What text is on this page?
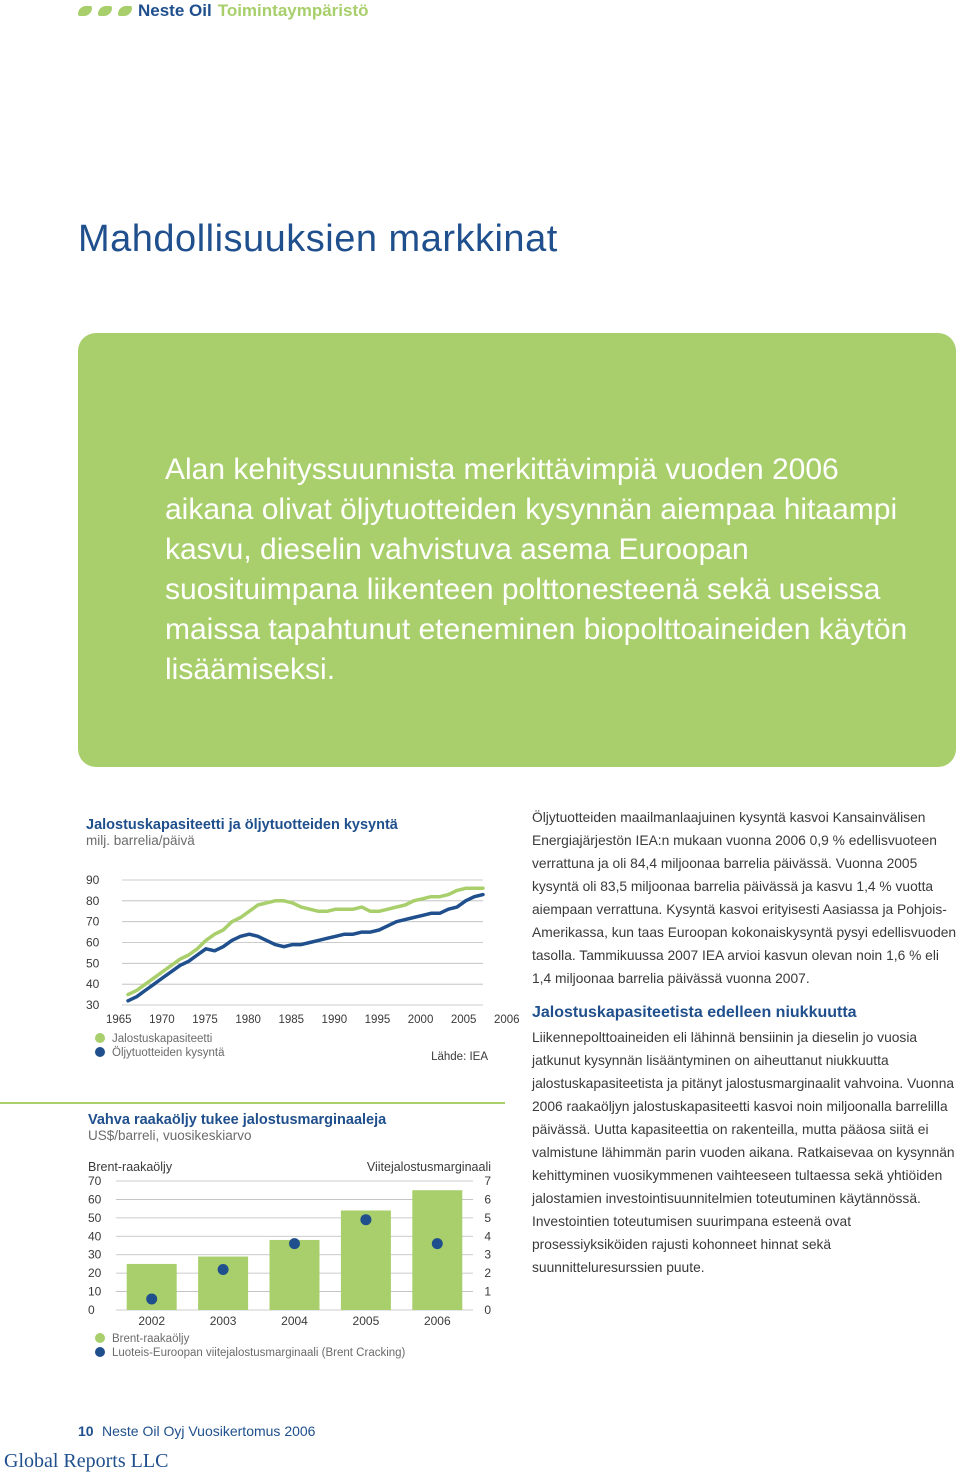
Neste Oil Toimintaympäristö
Mahdollisuuksien markkinat
Alan kehityssuunnista merkittävimpiä vuoden 2006 aikana olivat öljytuotteiden kysynnän aiempaa hitaampi kasvu, dieselin vahvistuva asema Euroopan suosituimpana liikenteen polttonesteenä sekä useissa maissa tapahtunut eteneminen biopolttoaineiden käytön lisäämiseksi.
Jalostuskapasiteetti ja öljytuotteiden kysyntä
milj. barrelia/päivä
30
40
50
60
70
80
90
1965 1970 1975 1980 1985 1990 1995 2000 2005 2006
Jalostuskapasiteetti
Öljytuotteiden kysyntä	Lähde: IEA
Vahva raakaöljy tukee jalostusmarginaaleja
US$/barreli, vuosikeskiarvo
Brent-raakaöljy	Viitejalostusmarginaali
0	0
10	1
20	2
30	3
40	4
50	5
60	6
70	7
2002	2003	2004	2005	2006
Brent-raakaöljy
Luoteis-Euroopan viitejalostusmarginaali (Brent Cracking)
Öljytuotteiden maailmanlaajuinen kysyntä kasvoi Kansainvälisen Energiajärjestön IEA:n mukaan vuonna 2006 0,9 % edellisvuoteen verrattuna ja oli 84,4 miljoonaa barrelia päivässä. Vuonna 2005 kysyntä oli 83,5 miljoonaa barrelia päivässä ja kasvu 1,4 % vuotta aiempaan verrattuna. Kysyntä kasvoi erityisesti Aasiassa ja Pohjois-Amerikassa, kun taas Euroopan kokonaiskysyntä pysyi edellisvuoden tasolla. Tammikuussa 2007 IEA arvioi kasvun olevan noin 1,6 % eli 1,4 miljoonaa barrelia päivässä vuonna 2007.
Jalostuskapasiteetista edelleen niukkuutta
Liikennepolttoaineiden eli lähinnä bensiinin ja dieselin jo vuosia jatkunut kysynnän lisääntyminen on aiheuttanut niukkuutta jalostuskapasiteetista ja pitänyt jalostusmarginaalit vahvoina. Vuonna 2006 raakaöljyn jalostuskapasiteetti kasvoi noin miljoonalla barrelilla päivässä. Uutta kapasiteettia on rakenteilla, mutta pääosa siitä ei valmistune lähimmän parin vuoden aikana. Ratkaisevaa on kysynnän kehittyminen vuosikymmenen vaihteeseen tultaessa sekä yhtiöiden jalostamien investointisuunnitelmien toteutuminen käytännössä. Investointien toteutumisen suurimpana esteenä ovat prosessiyksiköiden rajusti kohonneet hinnat sekä suunnitteluresurssien puute.
10 Neste Oil Oyj Vuosikertomus 2006
Global Reports LLC
